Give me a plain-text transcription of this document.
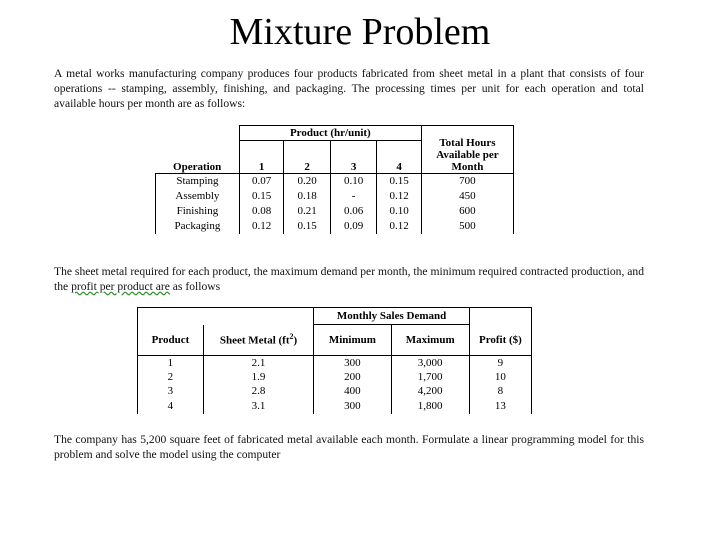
Mixture Problem
A metal works manufacturing company produces four products fabricated from sheet metal in a plant that consists of four operations -- stamping, assembly, finishing, and packaging. The processing times per unit for each operation and total available hours per month are as follows:
	Product (hr/unit)				Total Hours Available per Month
Operation	1	2	3	4	
Stamping	0.07	0.20	0.10	0.15	700
Assembly	0.15	0.18	-	0.12	450
Finishing	0.08	0.21	0.06	0.10	600
Packaging	0.12	0.15	0.09	0.12	500
The sheet metal required for each product, the maximum demand per month, the minimum required contracted production, and the profit per product are as follows
		Monthly Sales Demand		
Product	Sheet Metal $(ft^2)$	Minimum	Maximum	Profit ($)
1	2.1	300	3,000	9
2	1.9	200	1,700	10
3	2.8	400	4,200	8
4	3.1	300	1,800	13
The company has 5,200 square feet of fabricated metal available each month. Formulate a linear programming model for this problem and solve the model using the computer
